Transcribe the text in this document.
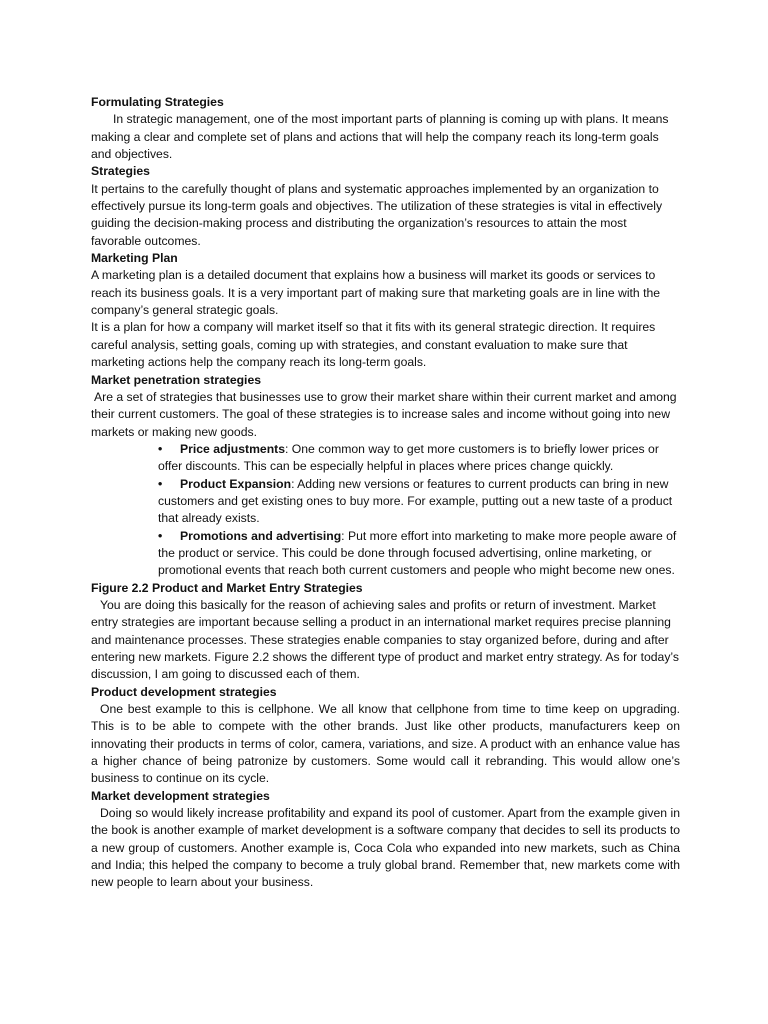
Formulating Strategies

In strategic management, one of the most important parts of planning is coming up with plans. It means making a clear and complete set of plans and actions that will help the company reach its long-term goals and objectives.

Strategies

It pertains to the carefully thought of plans and systematic approaches implemented by an organization to effectively pursue its long-term goals and objectives. The utilization of these strategies is vital in effectively guiding the decision-making process and distributing the organization’s resources to attain the most favorable outcomes.

Marketing Plan

A marketing plan is a detailed document that explains how a business will market its goods or services to reach its business goals. It is a very important part of making sure that marketing goals are in line with the company’s general strategic goals.

It is a plan for how a company will market itself so that it fits with its general strategic direction. It requires careful analysis, setting goals, coming up with strategies, and constant evaluation to make sure that marketing actions help the company reach its long-term goals.

Market penetration strategies

Are a set of strategies that businesses use to grow their market share within their current market and among their current customers. The goal of these strategies is to increase sales and income without going into new markets or making new goods.

• Price adjustments: One common way to get more customers is to briefly lower prices or offer discounts. This can be especially helpful in places where prices change quickly.
• Product Expansion: Adding new versions or features to current products can bring in new customers and get existing ones to buy more. For example, putting out a new taste of a product that already exists.
• Promotions and advertising: Put more effort into marketing to make more people aware of the product or service. This could be done through focused advertising, online marketing, or promotional events that reach both current customers and people who might become new ones.

Figure 2.2 Product and Market Entry Strategies

You are doing this basically for the reason of achieving sales and profits or return of investment. Market entry strategies are important because selling a product in an international market requires precise planning and maintenance processes. These strategies enable companies to stay organized before, during and after entering new markets. Figure 2.2 shows the different type of product and market entry strategy. As for today’s discussion, I am going to discussed each of them.

Product development strategies

One best example to this is cellphone. We all know that cellphone from time to time keep on upgrading. This is to be able to compete with the other brands. Just like other products, manufacturers keep on innovating their products in terms of color, camera, variations, and size. A product with an enhance value has a higher chance of being patronize by customers. Some would call it rebranding. This would allow one’s business to continue on its cycle.

Market development strategies

Doing so would likely increase profitability and expand its pool of customer. Apart from the example given in the book is another example of market development is a software company that decides to sell its products to a new group of customers. Another example is, Coca Cola who expanded into new markets, such as China and India; this helped the company to become a truly global brand. Remember that, new markets come with new people to learn about your business.
